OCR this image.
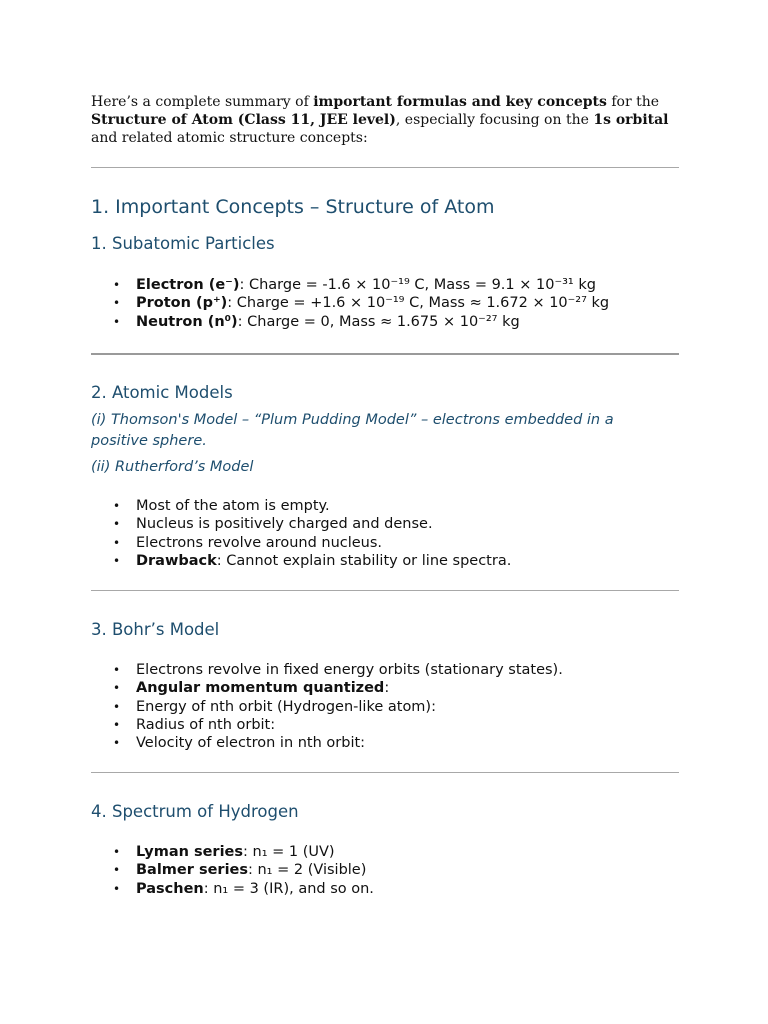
Here’s a complete summary of important formulas and key concepts for the Structure of Atom (Class 11, JEE level), especially focusing on the 1s orbital and related atomic structure concepts:

1. Important Concepts – Structure of Atom
1. Subatomic Particles
• Electron (e⁻): Charge = -1.6 × 10⁻¹⁹ C, Mass = 9.1 × 10⁻³¹ kg
• Proton (p⁺): Charge = +1.6 × 10⁻¹⁹ C, Mass ≈ 1.672 × 10⁻²⁷ kg
• Neutron (n⁰): Charge = 0, Mass ≈ 1.675 × 10⁻²⁷ kg
2. Atomic Models

(i) Thomson's Model – “Plum Pudding Model” – electrons embedded in a positive sphere.

(ii) Rutherford’s Model

• Most of the atom is empty.
• Nucleus is positively charged and dense.
• Electrons revolve around nucleus.
• Drawback: Cannot explain stability or line spectra.
3. Bohr’s Model
• Electrons revolve in fixed energy orbits (stationary states).
• Angular momentum quantized:
• Energy of nth orbit (Hydrogen-like atom):
• Radius of nth orbit:
• Velocity of electron in nth orbit:
4. Spectrum of Hydrogen
• Lyman series: n₁ = 1 (UV)
• Balmer series: n₁ = 2 (Visible)
• Paschen: n₁ = 3 (IR), and so on.
